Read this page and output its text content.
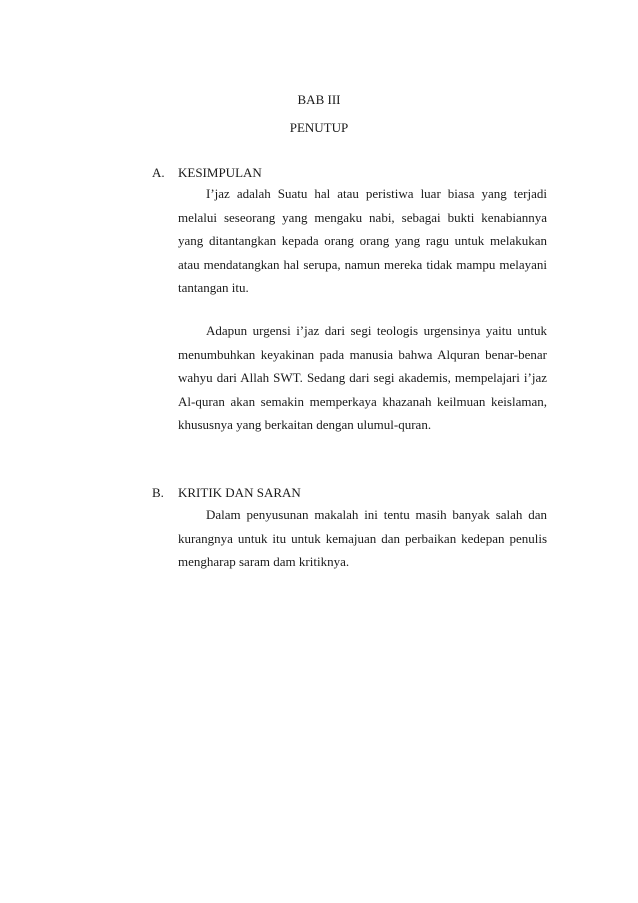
BAB III

PENUTUP

A. KESIMPULAN

I’jaz adalah Suatu hal atau peristiwa luar biasa yang terjadi melalui seseorang yang mengaku nabi, sebagai bukti kenabiannya yang ditantangkan kepada orang orang yang ragu untuk melakukan atau mendatangkan hal serupa, namun mereka tidak mampu melayani tantangan itu.

Adapun urgensi i’jaz dari segi teologis urgensinya yaitu untuk menumbuhkan keyakinan pada manusia bahwa Alquran benar-benar wahyu dari Allah SWT. Sedang dari segi akademis, mempelajari i’jaz Al-quran akan semakin memperkaya khazanah keilmuan keislaman, khususnya yang berkaitan dengan ulumul-quran.

B. KRITIK DAN SARAN

Dalam penyusunan makalah ini tentu masih banyak salah dan kurangnya untuk itu untuk kemajuan dan perbaikan kedepan penulis mengharap saram dam kritiknya.
